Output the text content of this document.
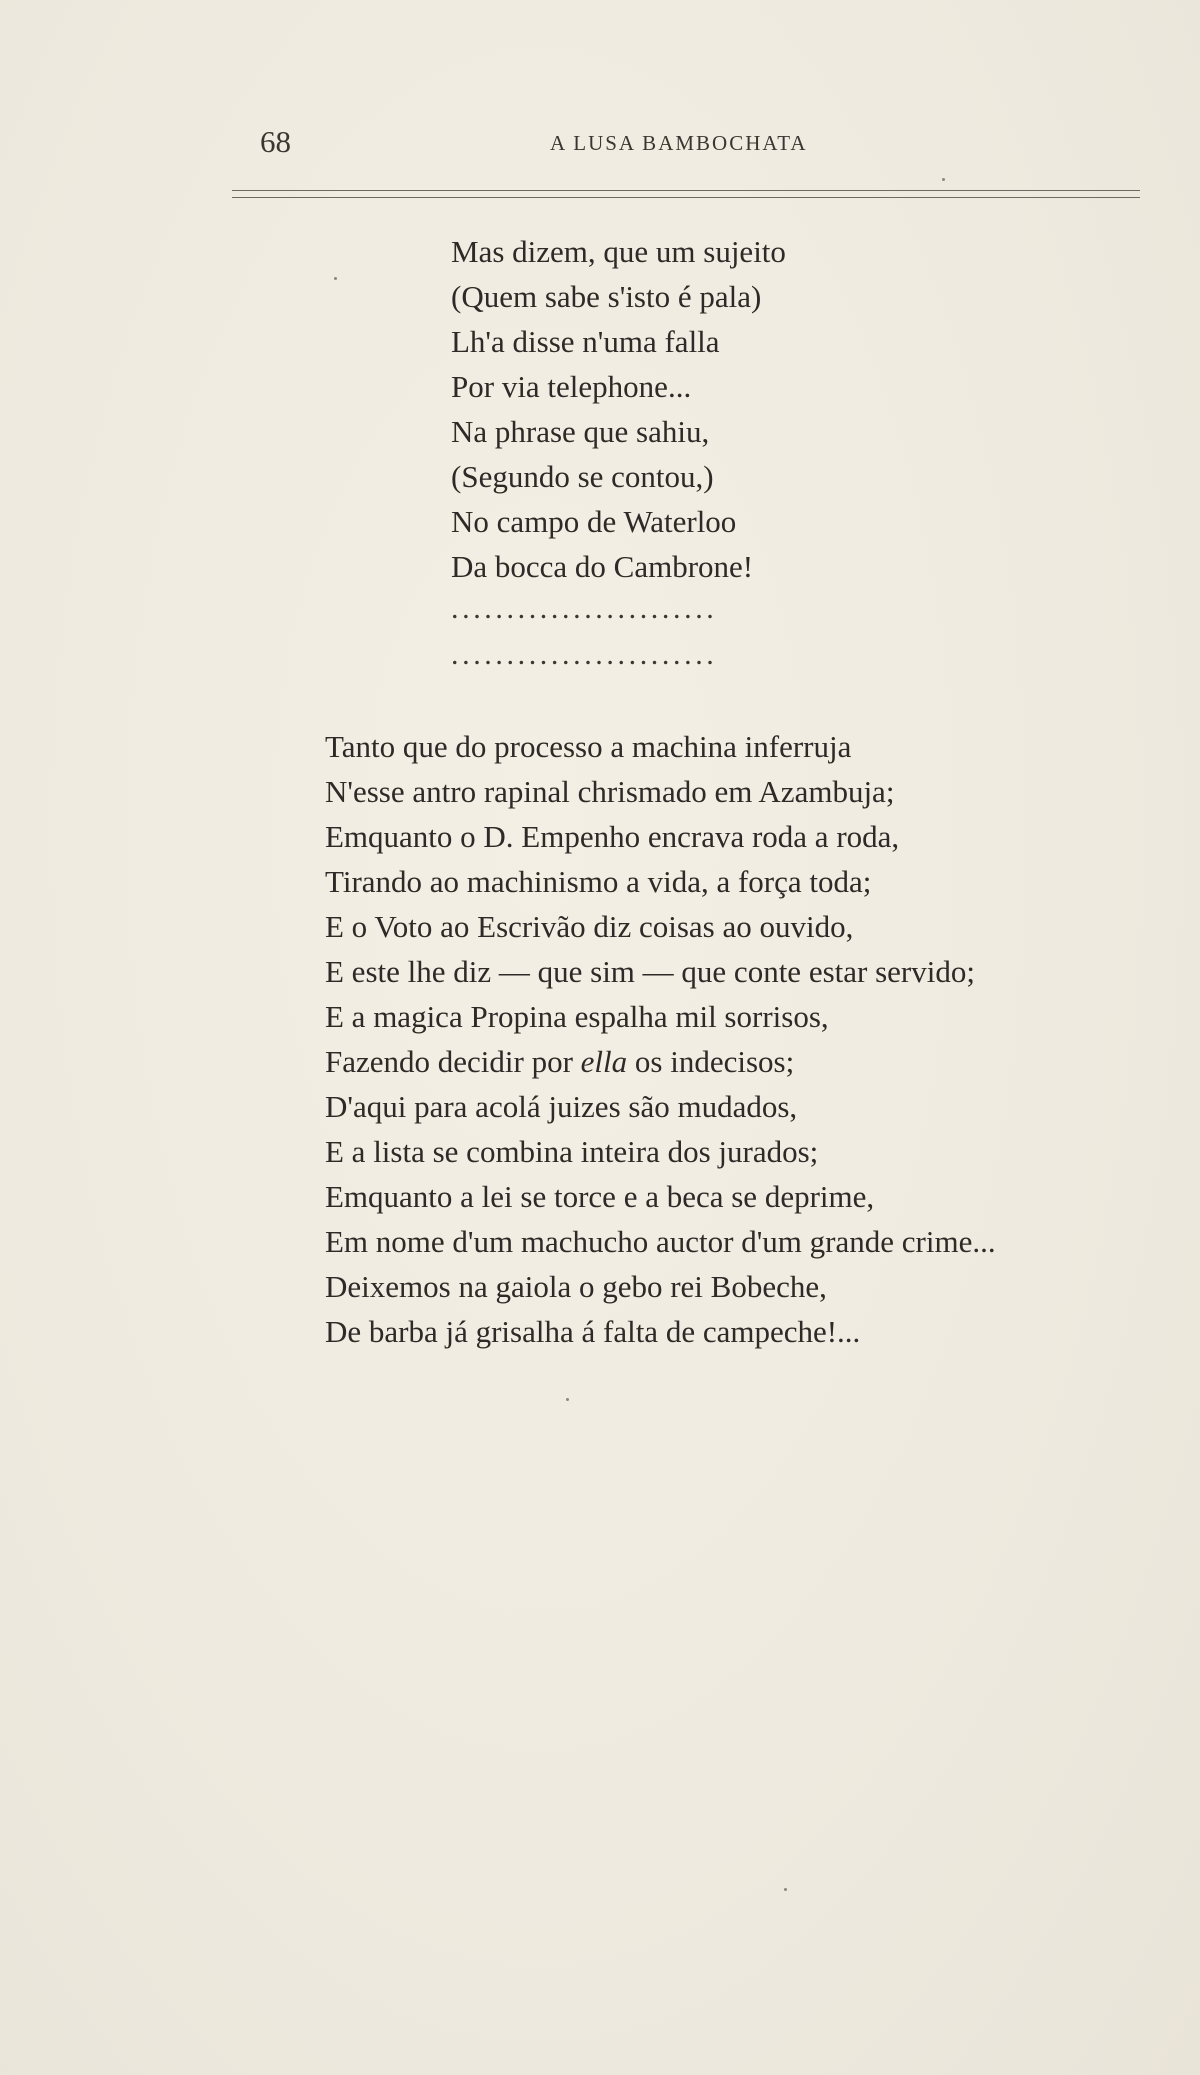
68	A LUSA BAMBOCHATA
Mas dizem, que um sujeito
(Quem sabe s'isto é pala)
Lh'a disse n'uma falla
Por via telephone...
Na phrase que sahiu,
(Segundo se contou,)
No campo de Waterloo
Da bocca do Cambrone!
........................
........................
Tanto que do processo a machina inferruja
N'esse antro rapinal chrismado em Azambuja;
Emquanto o D. Empenho encrava roda a roda,
Tirando ao machinismo a vida, a força toda;
E o Voto ao Escrivão diz coisas ao ouvido,
E este lhe diz — que sim — que conte estar servido;
E a magica Propina espalha mil sorrisos,
Fazendo decidir por ella os indecisos;
D'aqui para acolá juizes são mudados,
E a lista se combina inteira dos jurados;
Emquanto a lei se torce e a beca se deprime,
Em nome d'um machucho auctor d'um grande crime...
Deixemos na gaiola o gebo rei Bobeche,
De barba já grisalha á falta de campeche!...
